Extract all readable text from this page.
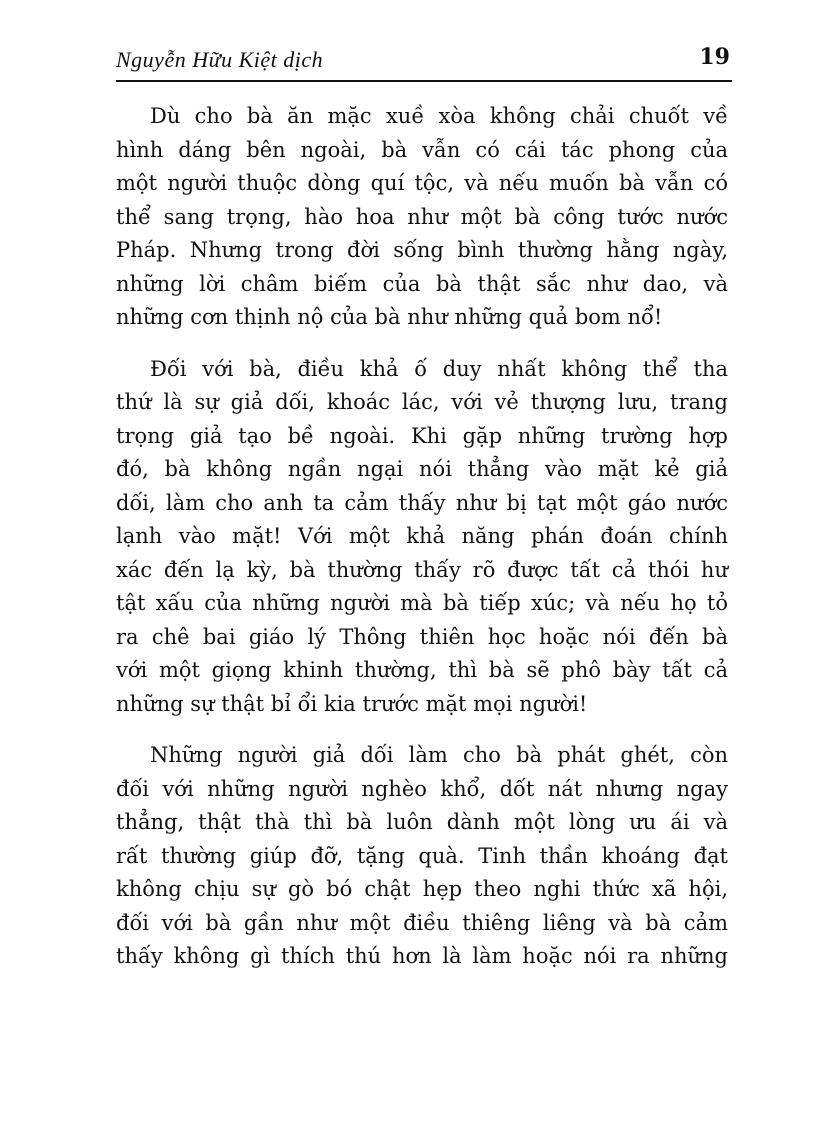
Nguyễn Hữu Kiệt dịch	19

Dù cho bà ăn mặc xuề xòa không chải chuốt về
hình dáng bên ngoài, bà vẫn có cái tác phong của
một người thuộc dòng quí tộc, và nếu muốn bà vẫn có
thể sang trọng, hào hoa như một bà công tước nước
Pháp. Nhưng trong đời sống bình thường hằng ngày,
những lời châm biếm của bà thật sắc như dao, và
những cơn thịnh nộ của bà như những quả bom nổ!

Đối với bà, điều khả ố duy nhất không thể tha
thứ là sự giả dối, khoác lác, với vẻ thượng lưu, trang
trọng giả tạo bề ngoài. Khi gặp những trường hợp
đó, bà không ngần ngại nói thẳng vào mặt kẻ giả
dối, làm cho anh ta cảm thấy như bị tạt một gáo nước
lạnh vào mặt! Với một khả năng phán đoán chính
xác đến lạ kỳ, bà thường thấy rõ được tất cả thói hư
tật xấu của những người mà bà tiếp xúc; và nếu họ tỏ
ra chê bai giáo lý Thông thiên học hoặc nói đến bà
với một giọng khinh thường, thì bà sẽ phô bày tất cả
những sự thật bỉ ổi kia trước mặt mọi người!

Những người giả dối làm cho bà phát ghét, còn
đối với những người nghèo khổ, dốt nát nhưng ngay
thẳng, thật thà thì bà luôn dành một lòng ưu ái và
rất thường giúp đỡ, tặng quà. Tinh thần khoáng đạt
không chịu sự gò bó chật hẹp theo nghi thức xã hội,
đối với bà gần như một điều thiêng liêng và bà cảm
thấy không gì thích thú hơn là làm hoặc nói ra những
